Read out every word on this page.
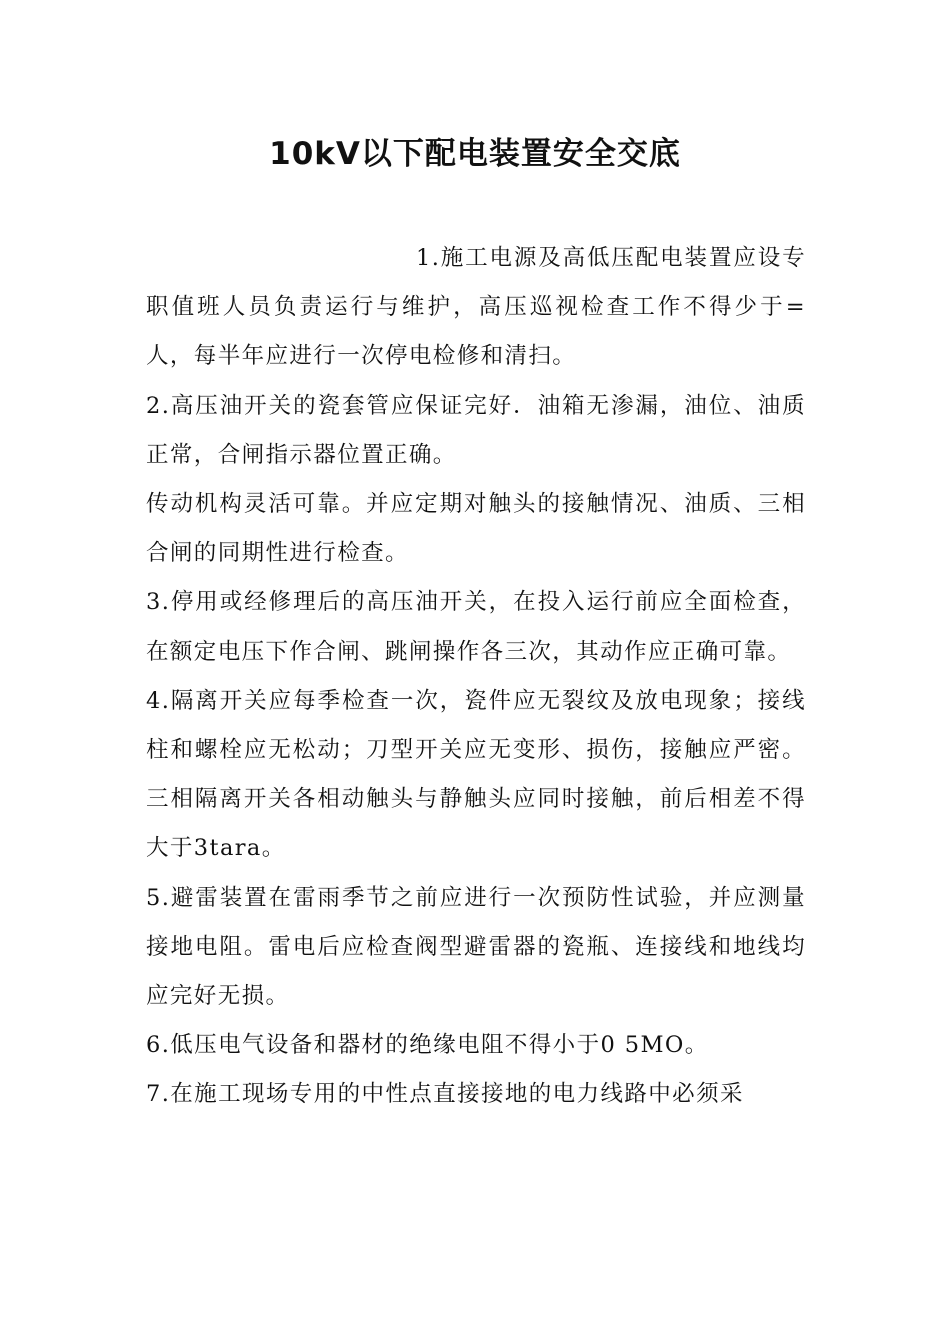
10kV以下配电装置安全交底

1.施工电源及高低压配电装置应设专职值班人员负责运行与维护，高压巡视检查工作不得少于=人，每半年应进行一次停电检修和清扫。

2.高压油开关的瓷套管应保证完好．油箱无渗漏，油位、油质正常，合闸指示器位置正确。

传动机构灵活可靠。并应定期对触头的接触情况、油质、三相合闸的同期性进行检查。

3.停用或经修理后的高压油开关，在投入运行前应全面检查，在额定电压下作合闸、跳闸操作各三次，其动作应正确可靠。

4.隔离开关应每季检查一次，瓷件应无裂纹及放电现象；接线柱和螺栓应无松动；刀型开关应无变形、损伤，接触应严密。三相隔离开关各相动触头与静触头应同时接触，前后相差不得大于3tara。

5.避雷装置在雷雨季节之前应进行一次预防性试验，并应测量接地电阻。雷电后应检查阀型避雷器的瓷瓶、连接线和地线均应完好无损。

6.低压电气设备和器材的绝缘电阻不得小于0 5MO。

7.在施工现场专用的中性点直接接地的电力线路中必须采
